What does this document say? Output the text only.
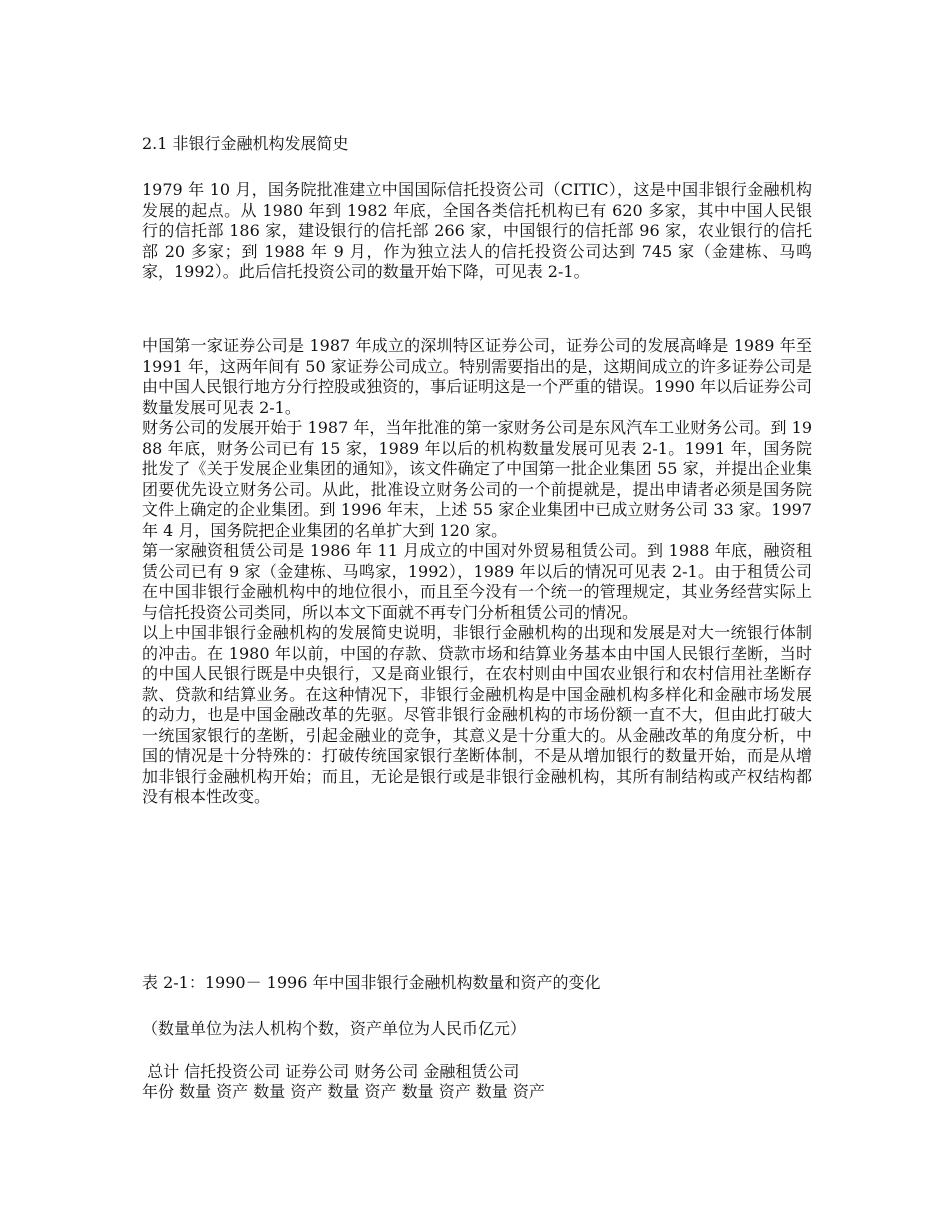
2.1 非银行金融机构发展简史

1979 年 10 月，国务院批准建立中国国际信托投资公司（CITIC），这是中国非银行金融机构发展的起点。从 1980 年到 1982 年底，全国各类信托机构已有 620 多家，其中中国人民银行的信托部 186 家，建设银行的信托部 266 家，中国银行的信托部 96 家，农业银行的信托部 20 多家；到 1988 年 9 月，作为独立法人的信托投资公司达到 745 家（金建栋、马鸣家，1992）。此后信托投资公司的数量开始下降，可见表 2-1。

中国第一家证券公司是 1987 年成立的深圳特区证券公司，证券公司的发展高峰是 1989 年至 1991 年，这两年间有 50 家证券公司成立。特别需要指出的是，这期间成立的许多证券公司是由中国人民银行地方分行控股或独资的，事后证明这是一个严重的错误。1990 年以后证券公司数量发展可见表 2-1。

财务公司的发展开始于 1987 年，当年批准的第一家财务公司是东风汽车工业财务公司。到 1988 年底，财务公司已有 15 家，1989 年以后的机构数量发展可见表 2-1。1991 年，国务院批发了《关于发展企业集团的通知》，该文件确定了中国第一批企业集团 55 家，并提出企业集团要优先设立财务公司。从此，批准设立财务公司的一个前提就是，提出申请者必须是国务院文件上确定的企业集团。到 1996 年末，上述 55 家企业集团中已成立财务公司 33 家。1997 年 4 月，国务院把企业集团的名单扩大到 120 家。

第一家融资租赁公司是 1986 年 11 月成立的中国对外贸易租赁公司。到 1988 年底，融资租赁公司已有 9 家（金建栋、马鸣家，1992），1989 年以后的情况可见表 2-1。由于租赁公司在中国非银行金融机构中的地位很小，而且至今没有一个统一的管理规定，其业务经营实际上与信托投资公司类同，所以本文下面就不再专门分析租赁公司的情况。

以上中国非银行金融机构的发展简史说明，非银行金融机构的出现和发展是对大一统银行体制的冲击。在 1980 年以前，中国的存款、贷款市场和结算业务基本由中国人民银行垄断，当时的中国人民银行既是中央银行，又是商业银行，在农村则由中国农业银行和农村信用社垄断存款、贷款和结算业务。在这种情况下，非银行金融机构是中国金融机构多样化和金融市场发展的动力，也是中国金融改革的先驱。尽管非银行金融机构的市场份额一直不大，但由此打破大一统国家银行的垄断，引起金融业的竞争，其意义是十分重大的。从金融改革的角度分析，中国的情况是十分特殊的：打破传统国家银行垄断体制，不是从增加银行的数量开始，而是从增加非银行金融机构开始；而且，无论是银行或是非银行金融机构，其所有制结构或产权结构都没有根本性改变。

表 2-1：1990－ 1996 年中国非银行金融机构数量和资产的变化
（数量单位为法人机构个数，资产单位为人民币亿元）
总计 信托投资公司 证券公司 财务公司 金融租赁公司
年份 数量 资产 数量 资产 数量 资产 数量 资产 数量 资产
